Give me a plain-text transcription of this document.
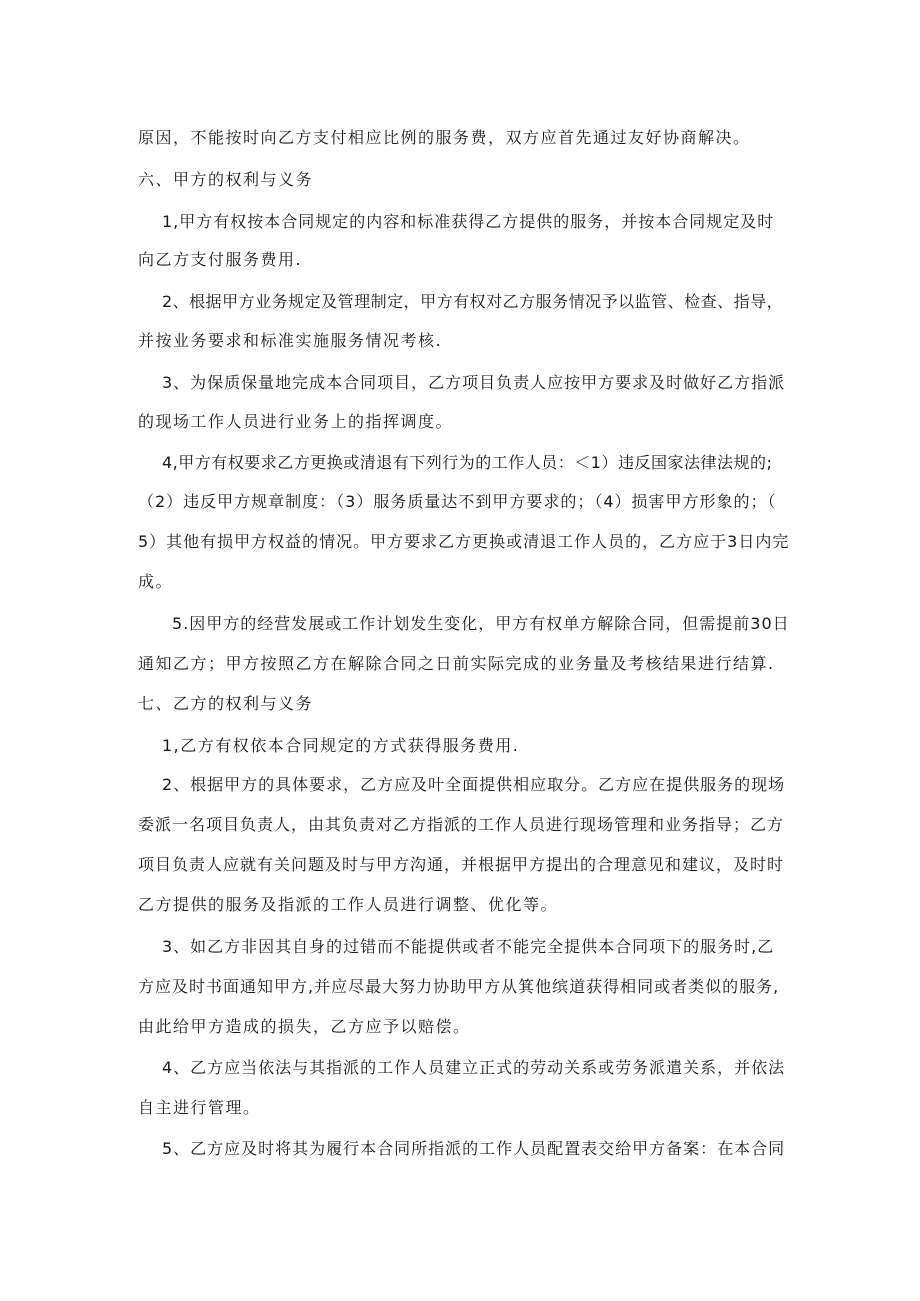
原因，不能按时向乙方支付相应比例的服务费，双方应首先通过友好协商解决。
六、甲方的权利与义务
1,甲方有权按本合同规定的内容和标准获得乙方提供的服务，并按本合同规定及时
向乙方支付服务费用.
2、根据甲方业务规定及管理制定，甲方有权对乙方服务情况予以监管、检查、指导，
并按业务要求和标准实施服务情况考核.
3、为保质保量地完成本合同项目，乙方项目负责人应按甲方要求及时做好乙方指派
的现场工作人员进行业务上的指挥调度。
4,甲方有权要求乙方更换或清退有下列行为的工作人员：＜1）违反国家法律法规的;
（2）违反甲方规章制度：（3）服务质量达不到甲方要求的；（4）损害甲方形象的；（
5）其他有损甲方权益的情况。甲方要求乙方更换或清退工作人员的，乙方应于3日内完
成。
5.因甲方的经营发展或工作计划发生变化，甲方有权单方解除合同，但需提前30日
通知乙方；甲方按照乙方在解除合同之日前实际完成的业务量及考核结果进行结算.
七、乙方的权利与义务
1,乙方有权依本合同规定的方式获得服务费用.
2、根据甲方的具体要求，乙方应及叶全面提供相应取分。乙方应在提供服务的现场
委派一名项目负责人，由其负责对乙方指派的工作人员进行现场管理和业务指导；乙方
项目负责人应就有关问题及时与甲方沟通，并根据甲方提出的合理意见和建议，及时时
乙方提供的服务及指派的工作人员进行调整、优化等。
3、如乙方非因其自身的过错而不能提供或者不能完全提供本合同项下的服务时,乙
方应及时书面通知甲方,并应尽最大努力协助甲方从箕他缤道获得相同或者类似的服务,
由此给甲方造成的损失，乙方应予以赔偿。
4、乙方应当依法与其指派的工作人员建立正式的劳动关系或劳务派遣关系，并依法
自主进行管理。
5、乙方应及时将其为履行本合同所指派的工作人员配置表交给甲方备案：在本合同
